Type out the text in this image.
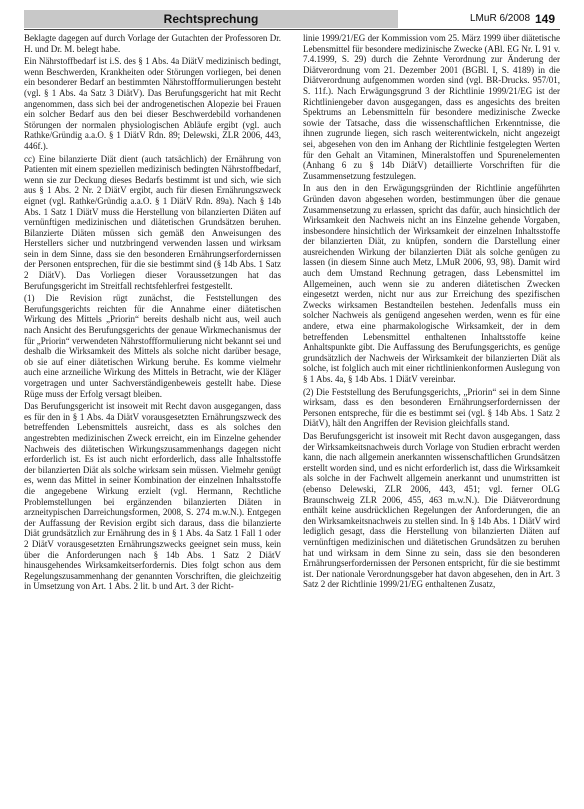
Rechtsprechung	LMuR 6/2008 149

Beklagte dagegen auf durch Vorlage der Gutachten der Professoren Dr. H. und Dr. M. belegt habe.

Ein Nährstoffbedarf ist i.S. des § 1 Abs. 4a DiätV medizinisch bedingt, wenn Beschwerden, Krankheiten oder Störungen vorliegen, bei denen ein besonderer Bedarf an bestimmten Nährstoffformulierungen besteht (vgl. § 1 Abs. 4a Satz 3 DiätV). Das Berufungsgericht hat mit Recht angenommen, dass sich bei der androgenetischen Alopezie bei Frauen ein solcher Bedarf aus den bei dieser Beschwerdebild vorhandenen Störungen der normalen physiologischen Abläufe ergibt (vgl. auch Rathke/Gründig a.a.O. § 1 DiätV Rdn. 89; Delewski, ZLR 2006, 443, 446f.).

cc) Eine bilanzierte Diät dient (auch tatsächlich) der Ernährung von Patienten mit einem speziellen medizinisch bedingten Nährstoffbedarf, wenn sie zur Deckung dieses Bedarfs bestimmt ist und sich, wie sich aus § 1 Abs. 2 Nr. 2 DiätV ergibt, auch für diesen Ernährungszweck eignet (vgl. Rathke/Gründig a.a.O. § 1 DiätV Rdn. 89a). Nach § 14b Abs. 1 Satz 1 DiätV muss die Herstellung von bilanzierten Diäten auf vernünftigen medizinischen und diätetischen Grundsätzen beruhen. Bilanzierte Diäten müssen sich gemäß den Anweisungen des Herstellers sicher und nutzbringend verwenden lassen und wirksam sein in dem Sinne, dass sie den besonderen Ernährungserfordernissen der Personen entsprechen, für die sie bestimmt sind (§ 14b Abs. 1 Satz 2 DiätV). Das Vorliegen dieser Voraussetzungen hat das Berufungsgericht im Streitfall rechtsfehlerfrei festgestellt.

(1) Die Revision rügt zunächst, die Feststellungen des Berufungsgerichts reichten für die Annahme einer diätetischen Wirkung des Mittels „Priorin“ bereits deshalb nicht aus, weil auch nach Ansicht des Berufungsgerichts der genaue Wirkmechanismus der für „Priorin“ verwendeten Nährstoffformulierung nicht bekannt sei und deshalb die Wirksamkeit des Mittels als solche nicht darüber besage, ob sie auf einer diätetischen Wirkung beruhe. Es komme vielmehr auch eine arzneiliche Wirkung des Mittels in Betracht, wie der Kläger vorgetragen und unter Sachverständigenbeweis gestellt habe. Diese Rüge muss der Erfolg versagt bleiben.

Das Berufungsgericht ist insoweit mit Recht davon ausgegangen, dass es für den in § 1 Abs. 4a DiätV vorausgesetzten Ernährungszweck des betreffenden Lebensmittels ausreicht, dass es als solches den angestrebten medizinischen Zweck erreicht, ein im Einzelne gehender Nachweis des diätetischen Wirkungszusammenhangs dagegen nicht erforderlich ist. Es ist auch nicht erforderlich, dass alle Inhaltsstoffe der bilanzierten Diät als solche wirksam sein müssen. Vielmehr genügt es, wenn das Mittel in seiner Kombination der einzelnen Inhaltsstoffe die angegebene Wirkung erzielt (vgl. Hermann, Rechtliche Problemstellungen bei ergänzenden bilanzierten Diäten in arzneitypischen Darreichungsformen, 2008, S. 274 m.w.N.). Entgegen der Auffassung der Revision ergibt sich daraus, dass die bilanzierte Diät grundsätzlich zur Ernährung des in § 1 Abs. 4a Satz 1 Fall 1 oder 2 DiätV vorausgesetzten Ernährungszwecks geeignet sein muss, kein über die Anforderungen nach § 14b Abs. 1 Satz 2 DiätV hinausgehendes Wirksamkeitserfordernis. Dies folgt schon aus dem Regelungszusammenhang der genannten Vorschriften, die gleichzeitig in Umsetzung von Art. 1 Abs. 2 lit. b und Art. 3 der Richt-

linie 1999/21/EG der Kommission vom 25. März 1999 über diätetische Lebensmittel für besondere medizinische Zwecke (ABl. EG Nr. L 91 v. 7.4.1999, S. 29) durch die Zehnte Verordnung zur Änderung der Diätverordnung vom 21. Dezember 2001 (BGBl. I, S. 4189) in die Diätverordnung aufgenommen worden sind (vgl. BR-Drucks. 957/01, S. 11f.). Nach Erwägungsgrund 3 der Richtlinie 1999/21/EG ist der Richtliniengeber davon ausgegangen, dass es angesichts des breiten Spektrums an Lebensmitteln für besondere medizinische Zwecke sowie der Tatsache, dass die wissenschaftlichen Erkenntnisse, die ihnen zugrunde liegen, sich rasch weiterentwickeln, nicht angezeigt sei, abgesehen von den im Anhang der Richtlinie festgelegten Werten für den Gehalt an Vitaminen, Mineralstoffen und Spurenelementen (Anhang 6 zu § 14b DiätV) detaillierte Vorschriften für die Zusammensetzung festzulegen.

In aus den in den Erwägungsgründen der Richtlinie angeführten Gründen davon abgesehen worden, bestimmungen über die genaue Zusammensetzung zu erlassen, spricht das dafür, auch hinsichtlich der Wirksamkeit den Nachweis nicht an ins Einzelne gehende Vorgaben, insbesondere hinsichtlich der Wirksamkeit der einzelnen Inhaltsstoffe der bilanzierten Diät, zu knüpfen, sondern die Darstellung einer ausreichenden Wirkung der bilanzierten Diät als solche genügen zu lassen (in diesem Sinne auch Metz, LMuR 2006, 93, 98). Damit wird auch dem Umstand Rechnung getragen, dass Lebensmittel im Allgemeinen, auch wenn sie zu anderen diätetischen Zwecken eingesetzt werden, nicht nur aus zur Erreichung des spezifischen Zwecks wirksamen Bestandteilen bestehen. Jedenfalls muss ein solcher Nachweis als genügend angesehen werden, wenn es für eine andere, etwa eine pharmakologische Wirksamkeit, der in dem betreffenden Lebensmittel enthaltenen Inhaltsstoffe keine Anhaltspunkte gibt. Die Auffassung des Berufungsgerichts, es genüge grundsätzlich der Nachweis der Wirksamkeit der bilanzierten Diät als solche, ist folglich auch mit einer richtlinienkonformen Auslegung von § 1 Abs. 4a, § 14b Abs. 1 DiätV vereinbar.

(2) Die Feststellung des Berufungsgerichts, „Priorin“ sei in dem Sinne wirksam, dass es den besonderen Ernährungserfordernissen der Personen entspreche, für die es bestimmt sei (vgl. § 14b Abs. 1 Satz 2 DiätV), hält den Angriffen der Revision gleichfalls stand.

Das Berufungsgericht ist insoweit mit Recht davon ausgegangen, dass der Wirksamkeitsnachweis durch Vorlage von Studien erbracht werden kann, die nach allgemein anerkannten wissenschaftlichen Grundsätzen erstellt worden sind, und es nicht erforderlich ist, dass die Wirksamkeit als solche in der Fachwelt allgemein anerkannt und unumstritten ist (ebenso Delewski, ZLR 2006, 443, 451; vgl. ferner OLG Braunschweig ZLR 2006, 455, 463 m.w.N.). Die Diätverordnung enthält keine ausdrücklichen Regelungen der Anforderungen, die an den Wirksamkeitsnachweis zu stellen sind. In § 14b Abs. 1 DiätV wird lediglich gesagt, dass die Herstellung von bilanzierten Diäten auf vernünftigen medizinischen und diätetischen Grundsätzen zu beruhen hat und wirksam in dem Sinne zu sein, dass sie den besonderen Ernährungserfordernissen der Personen entspricht, für die sie bestimmt ist. Der nationale Verordnungsgeber hat davon abgesehen, den in Art. 3 Satz 2 der Richtlinie 1999/21/EG enthaltenen Zusatz,
